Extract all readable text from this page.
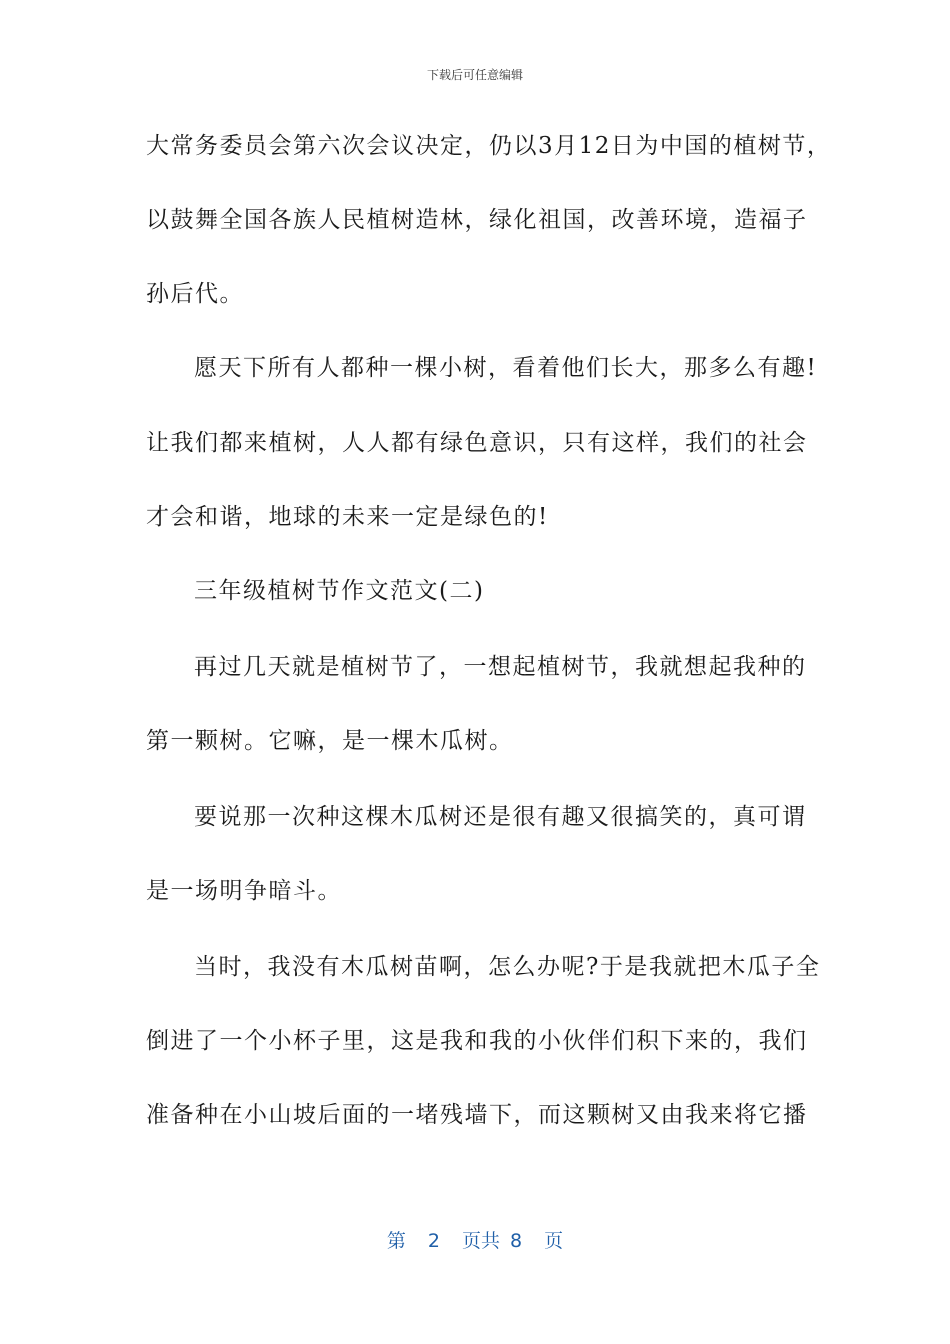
下载后可任意编辑
大常务委员会第六次会议决定，仍以3月12日为中国的植树节，
以鼓舞全国各族人民植树造林，绿化祖国，改善环境，造福子
孙后代。
愿天下所有人都种一棵小树，看着他们长大，那多么有趣!
让我们都来植树，人人都有绿色意识，只有这样，我们的社会
才会和谐，地球的未来一定是绿色的!
三年级植树节作文范文(二)
再过几天就是植树节了，一想起植树节，我就想起我种的
第一颗树。它嘛，是一棵木瓜树。
要说那一次种这棵木瓜树还是很有趣又很搞笑的，真可谓
是一场明争暗斗。
当时，我没有木瓜树苗啊，怎么办呢?于是我就把木瓜子全
倒进了一个小杯子里，这是我和我的小伙伴们积下来的，我们
准备种在小山坡后面的一堵残墙下，而这颗树又由我来将它播
第 2 页共 8 页
